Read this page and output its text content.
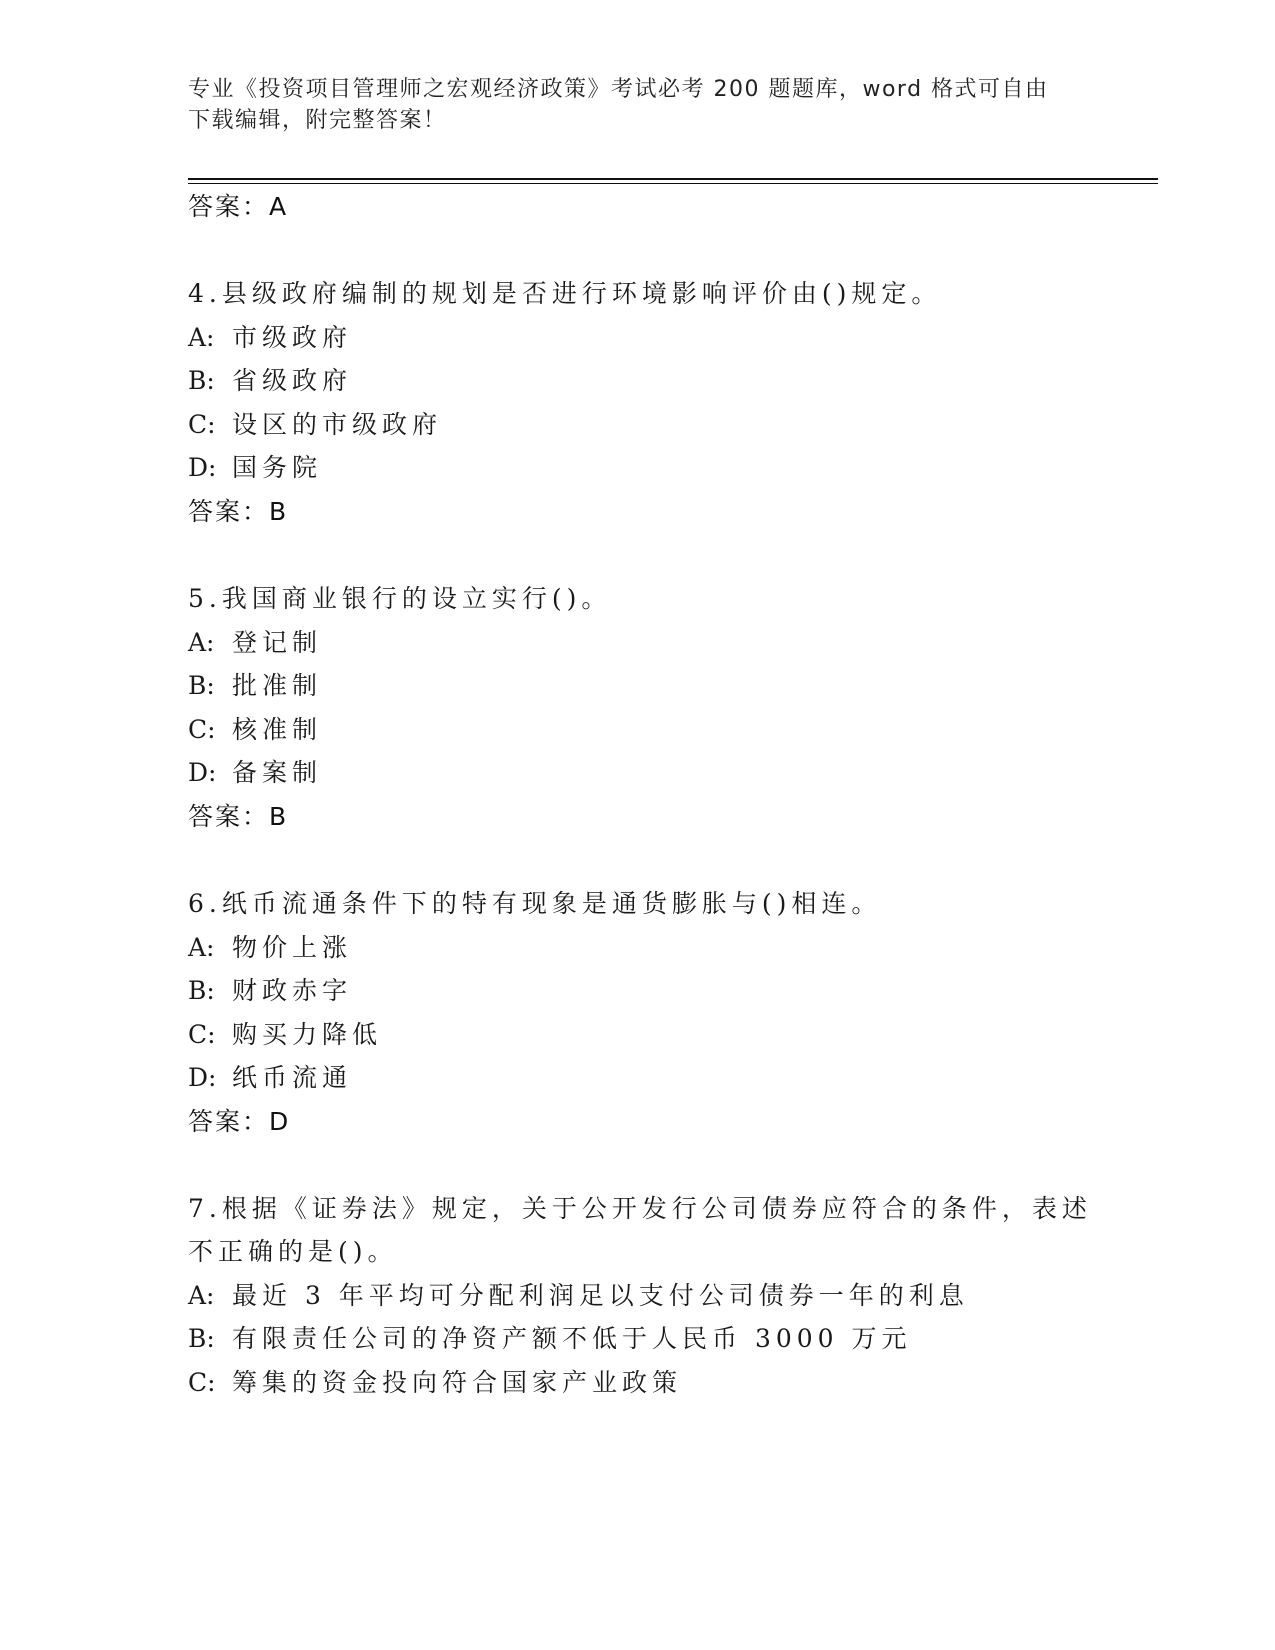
专业《投资项目管理师之宏观经济政策》考试必考 200 题题库，word 格式可自由
下载编辑，附完整答案！
答案：A
4.县级政府编制的规划是否进行环境影响评价由()规定。
A: 市级政府
B: 省级政府
C: 设区的市级政府
D: 国务院
答案：B
5.我国商业银行的设立实行()。
A: 登记制
B: 批准制
C: 核准制
D: 备案制
答案：B
6.纸币流通条件下的特有现象是通货膨胀与()相连。
A: 物价上涨
B: 财政赤字
C: 购买力降低
D: 纸币流通
答案：D
7.根据《证券法》规定，关于公开发行公司债券应符合的条件，表述
不正确的是()。
A: 最近 3 年平均可分配利润足以支付公司债券一年的利息
B: 有限责任公司的净资产额不低于人民币 3000 万元
C: 筹集的资金投向符合国家产业政策
